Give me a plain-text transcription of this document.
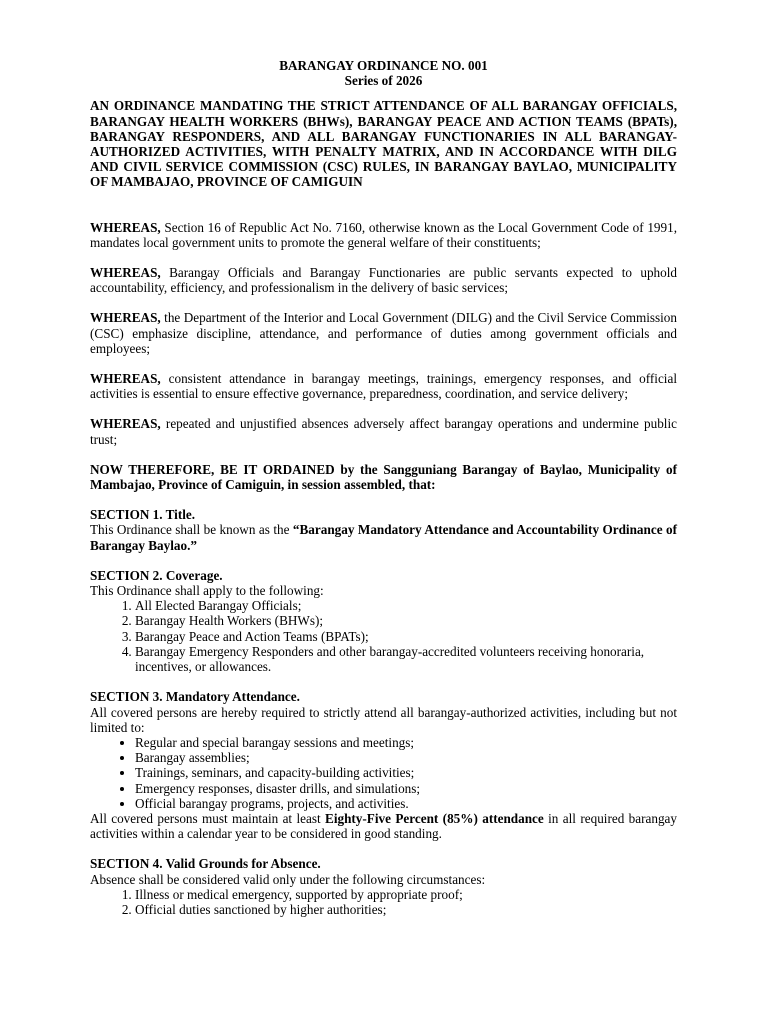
BARANGAY ORDINANCE NO. 001

Series of 2026

AN ORDINANCE MANDATING THE STRICT ATTENDANCE OF ALL BARANGAY OFFICIALS, BARANGAY HEALTH WORKERS (BHWs), BARANGAY PEACE AND ACTION TEAMS (BPATs), BARANGAY RESPONDERS, AND ALL BARANGAY FUNCTIONARIES IN ALL BARANGAY-AUTHORIZED ACTIVITIES, WITH PENALTY MATRIX, AND IN ACCORDANCE WITH DILG AND CIVIL SERVICE COMMISSION (CSC) RULES, IN BARANGAY BAYLAO, MUNICIPALITY OF MAMBAJAO, PROVINCE OF CAMIGUIN

WHEREAS, Section 16 of Republic Act No. 7160, otherwise known as the Local Government Code of 1991, mandates local government units to promote the general welfare of their constituents;

WHEREAS, Barangay Officials and Barangay Functionaries are public servants expected to uphold accountability, efficiency, and professionalism in the delivery of basic services;

WHEREAS, the Department of the Interior and Local Government (DILG) and the Civil Service Commission (CSC) emphasize discipline, attendance, and performance of duties among government officials and employees;

WHEREAS, consistent attendance in barangay meetings, trainings, emergency responses, and official activities is essential to ensure effective governance, preparedness, coordination, and service delivery;

WHEREAS, repeated and unjustified absences adversely affect barangay operations and undermine public trust;

NOW THEREFORE, BE IT ORDAINED by the Sangguniang Barangay of Baylao, Municipality of Mambajao, Province of Camiguin, in session assembled, that:

SECTION 1. Title.

This Ordinance shall be known as the “Barangay Mandatory Attendance and Accountability Ordinance of Barangay Baylao.”

SECTION 2. Coverage.

This Ordinance shall apply to the following:

1. All Elected Barangay Officials;
2. Barangay Health Workers (BHWs);
3. Barangay Peace and Action Teams (BPATs);
4. Barangay Emergency Responders and other barangay-accredited volunteers receiving honoraria, incentives, or allowances.

SECTION 3. Mandatory Attendance.

All covered persons are hereby required to strictly attend all barangay-authorized activities, including but not limited to:

• Regular and special barangay sessions and meetings;
• Barangay assemblies;
• Trainings, seminars, and capacity-building activities;
• Emergency responses, disaster drills, and simulations;
• Official barangay programs, projects, and activities.

All covered persons must maintain at least Eighty-Five Percent (85%) attendance in all required barangay activities within a calendar year to be considered in good standing.

SECTION 4. Valid Grounds for Absence.

Absence shall be considered valid only under the following circumstances:

1. Illness or medical emergency, supported by appropriate proof;
2. Official duties sanctioned by higher authorities;
